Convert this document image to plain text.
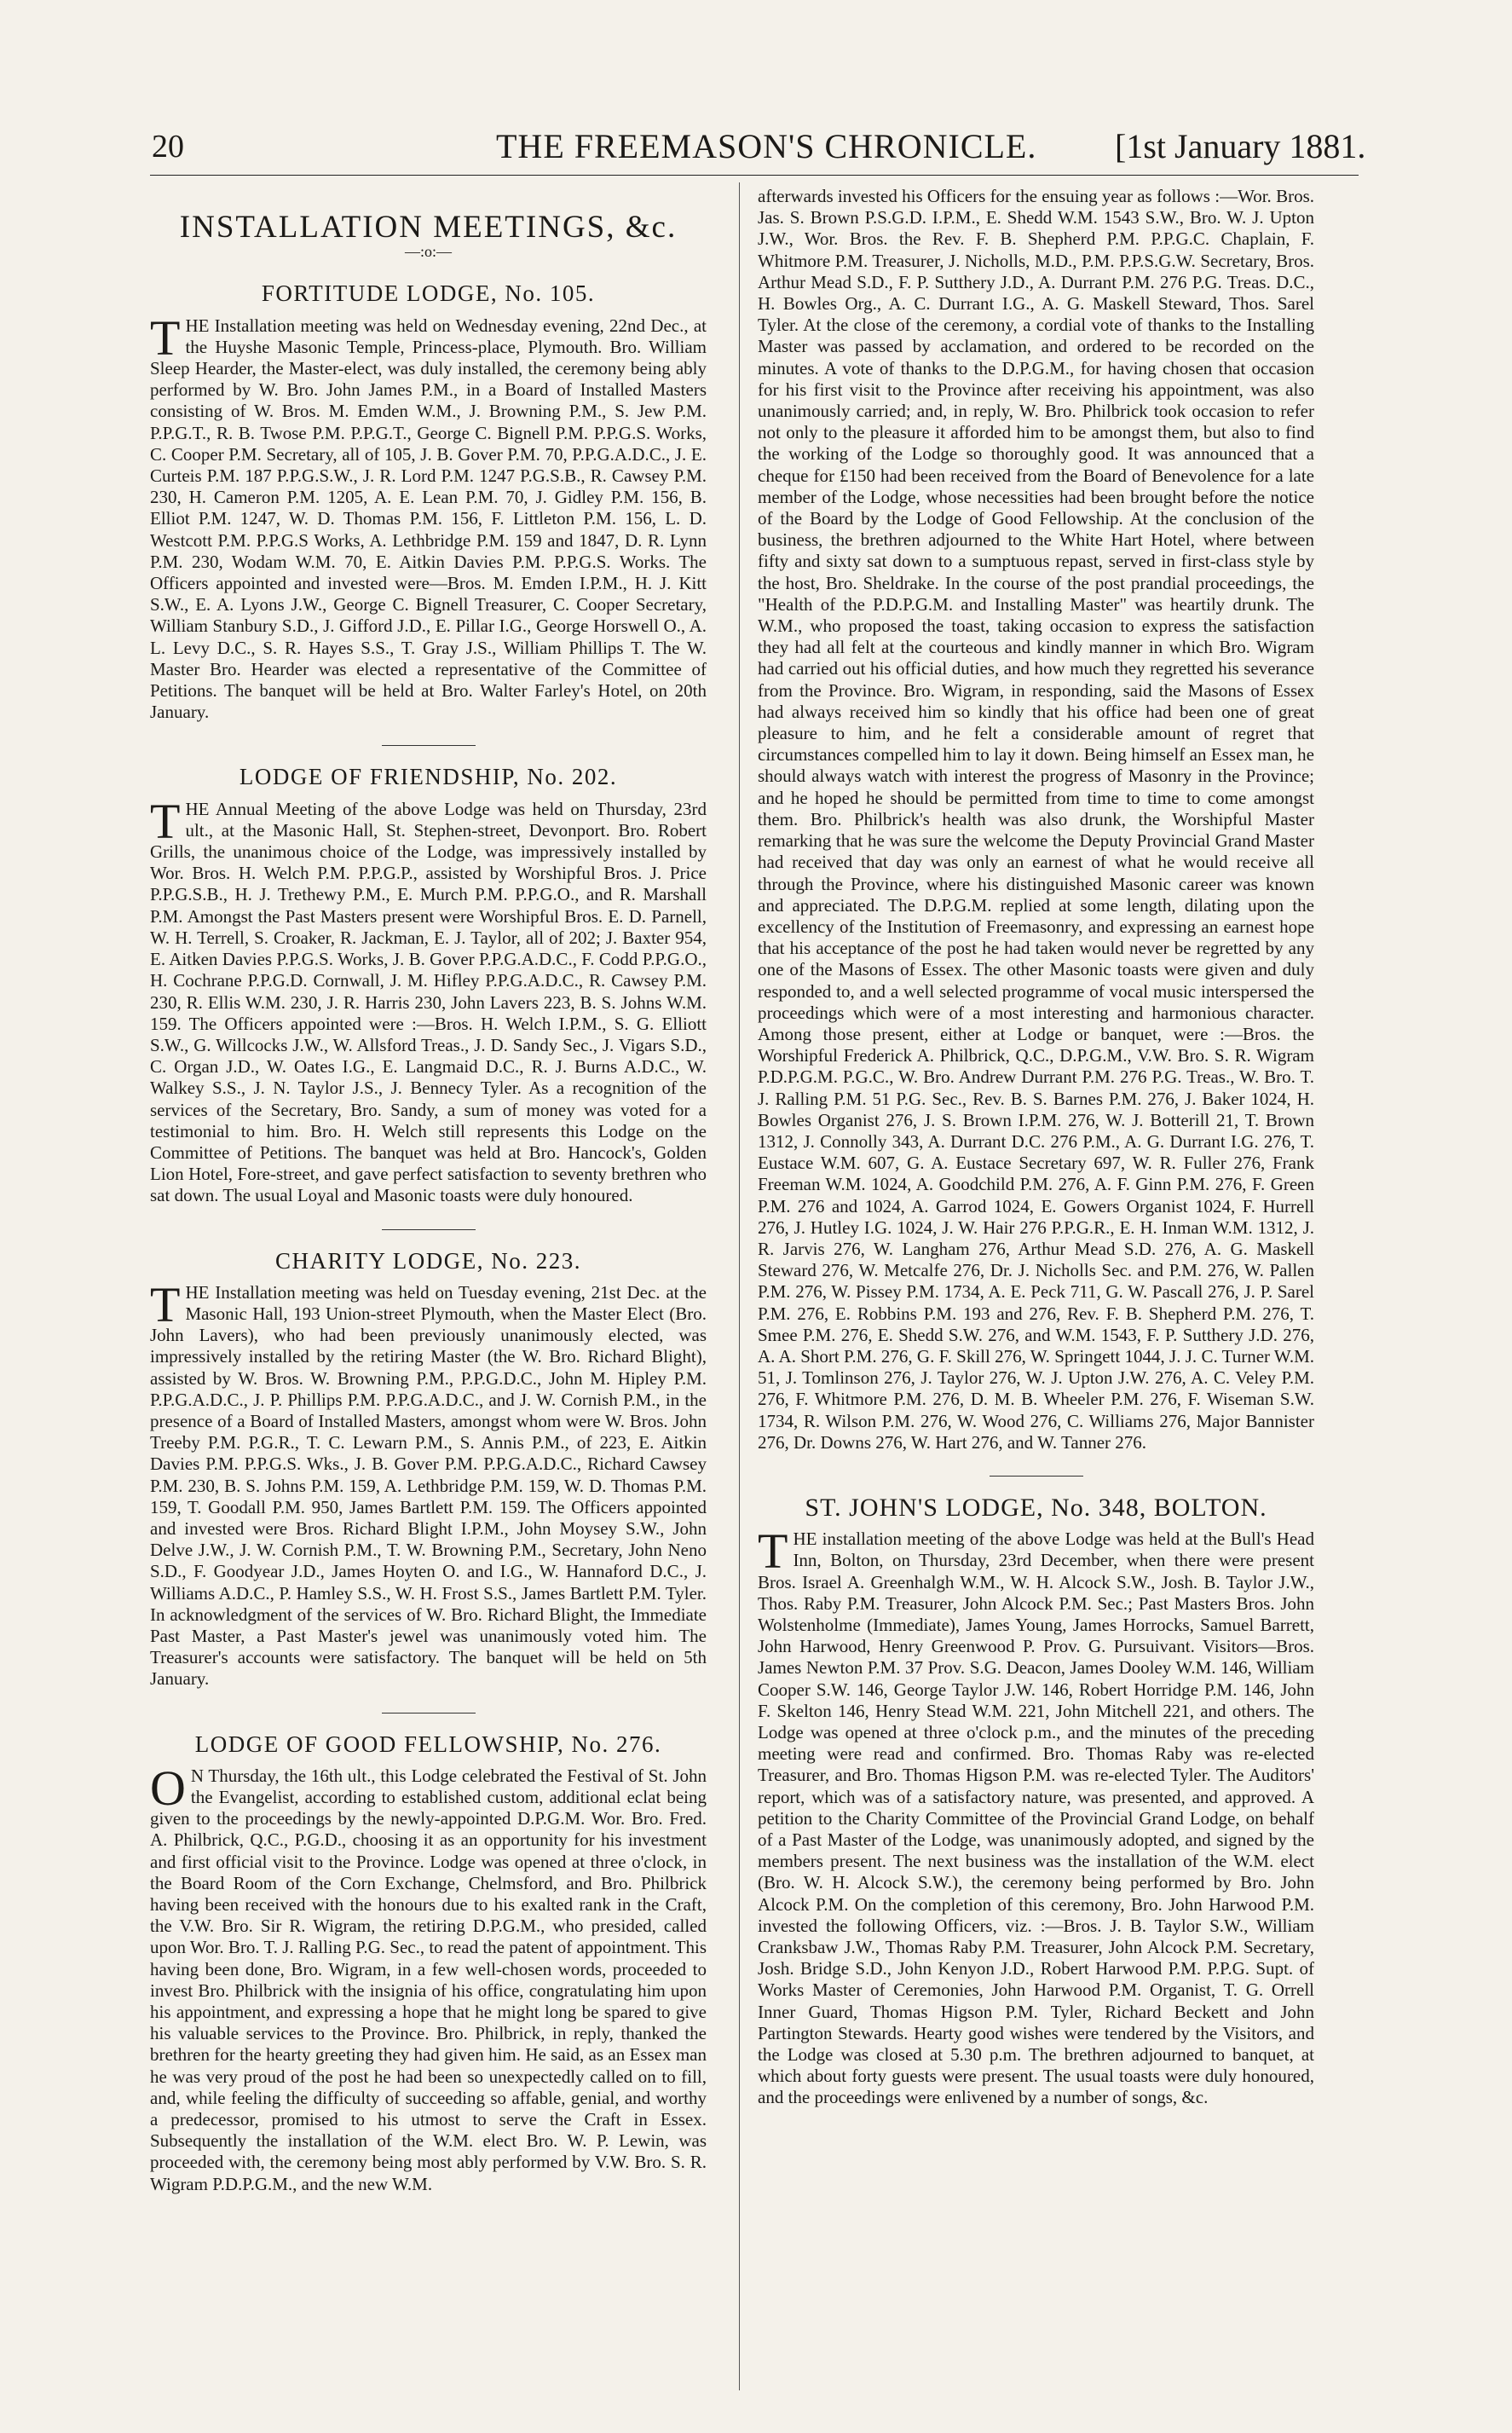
20	THE FREEMASON'S CHRONICLE. [1st January 1881.
INSTALLATION MEETINGS, &c.
—:o:—
FORTITUDE LODGE, No. 105.

THE Installation meeting was held on Wednesday evening, 22nd Dec., at the Huyshe Masonic Temple, Princess-place, Plymouth. Bro. William Sleep Hearder, the Master-elect, was duly installed, the ceremony being ably performed by W. Bro. John James P.M., in a Board of Installed Masters consisting of W. Bros. M. Emden W.M., J. Browning P.M., S. Jew P.M. P.P.G.T., R. B. Twose P.M. P.P.G.T., George C. Bignell P.M. P.P.G.S. Works, C. Cooper P.M. Secretary, all of 105, J. B. Gover P.M. 70, P.P.G.A.D.C., J. E. Curteis P.M. 187 P.P.G.S.W., J. R. Lord P.M. 1247 P.G.S.B., R. Cawsey P.M. 230, H. Cameron P.M. 1205, A. E. Lean P.M. 70, J. Gidley P.M. 156, B. Elliot P.M. 1247, W. D. Thomas P.M. 156, F. Littleton P.M. 156, L. D. Westcott P.M. P.P.G.S Works, A. Lethbridge P.M. 159 and 1847, D. R. Lynn P.M. 230, Wodam W.M. 70, E. Aitkin Davies P.M. P.P.G.S. Works. The Officers appointed and invested were—Bros. M. Emden I.P.M., H. J. Kitt S.W., E. A. Lyons J.W., George C. Bignell Treasurer, C. Cooper Secretary, William Stanbury S.D., J. Gifford J.D., E. Pillar I.G., George Horswell O., A. L. Levy D.C., S. R. Hayes S.S., T. Gray J.S., William Phillips T. The W. Master Bro. Hearder was elected a representative of the Committee of Petitions. The banquet will be held at Bro. Walter Farley's Hotel, on 20th January.

LODGE OF FRIENDSHIP, No. 202.

THE Annual Meeting of the above Lodge was held on Thursday, 23rd ult., at the Masonic Hall, St. Stephen-street, Devonport. Bro. Robert Grills, the unanimous choice of the Lodge, was impressively installed by Wor. Bros. H. Welch P.M. P.P.G.P., assisted by Worshipful Bros. J. Price P.P.G.S.B., H. J. Trethewy P.M., E. Murch P.M. P.P.G.O., and R. Marshall P.M. Amongst the Past Masters present were Worshipful Bros. E. D. Parnell, W. H. Terrell, S. Croaker, R. Jackman, E. J. Taylor, all of 202; J. Baxter 954, E. Aitken Davies P.P.G.S. Works, J. B. Gover P.P.G.A.D.C., F. Codd P.P.G.O., H. Cochrane P.P.G.D. Cornwall, J. M. Hifley P.P.G.A.D.C., R. Cawsey P.M. 230, R. Ellis W.M. 230, J. R. Harris 230, John Lavers 223, B. S. Johns W.M. 159. The Officers appointed were :—Bros. H. Welch I.P.M., S. G. Elliott S.W., G. Willcocks J.W., W. Allsford Treas., J. D. Sandy Sec., J. Vigars S.D., C. Organ J.D., W. Oates I.G., E. Langmaid D.C., R. J. Burns A.D.C., W. Walkey S.S., J. N. Taylor J.S., J. Bennecy Tyler. As a recognition of the services of the Secretary, Bro. Sandy, a sum of money was voted for a testimonial to him. Bro. H. Welch still represents this Lodge on the Committee of Petitions. The banquet was held at Bro. Hancock's, Golden Lion Hotel, Fore-street, and gave perfect satisfaction to seventy brethren who sat down. The usual Loyal and Masonic toasts were duly honoured.

CHARITY LODGE, No. 223.

THE Installation meeting was held on Tuesday evening, 21st Dec. at the Masonic Hall, 193 Union-street Plymouth, when the Master Elect (Bro. John Lavers), who had been previously unanimously elected, was impressively installed by the retiring Master (the W. Bro. Richard Blight), assisted by W. Bros. W. Browning P.M., P.P.G.D.C., John M. Hipley P.M. P.P.G.A.D.C., J. P. Phillips P.M. P.P.G.A.D.C., and J. W. Cornish P.M., in the presence of a Board of Installed Masters, amongst whom were W. Bros. John Treeby P.M. P.G.R., T. C. Lewarn P.M., S. Annis P.M., of 223, E. Aitkin Davies P.M. P.P.G.S. Wks., J. B. Gover P.M. P.P.G.A.D.C., Richard Cawsey P.M. 230, B. S. Johns P.M. 159, A. Lethbridge P.M. 159, W. D. Thomas P.M. 159, T. Goodall P.M. 950, James Bartlett P.M. 159. The Officers appointed and invested were Bros. Richard Blight I.P.M., John Moysey S.W., John Delve J.W., J. W. Cornish P.M., T. W. Browning P.M., Secretary, John Neno S.D., F. Goodyear J.D., James Hoyten O. and I.G., W. Hannaford D.C., J. Williams A.D.C., P. Hamley S.S., W. H. Frost S.S., James Bartlett P.M. Tyler. In acknowledgment of the services of W. Bro. Richard Blight, the Immediate Past Master, a Past Master's jewel was unanimously voted him. The Treasurer's accounts were satisfactory. The banquet will be held on 5th January.

LODGE OF GOOD FELLOWSHIP, No. 276.

O N Thursday, the 16th ult., this Lodge celebrated the Festival of St. John the Evangelist, according to established custom, additional eclat being given to the proceedings by the newly-appointed D.P.G.M. Wor. Bro. Fred. A. Philbrick, Q.C., P.G.D., choosing it as an opportunity for his investment and first official visit to the Province. Lodge was opened at three o'clock, in the Board Room of the Corn Exchange, Chelmsford, and Bro. Philbrick having been received with the honours due to his exalted rank in the Craft, the V.W. Bro. Sir R. Wigram, the retiring D.P.G.M., who presided, called upon Wor. Bro. T. J. Ralling P.G. Sec., to read the patent of appointment. This having been done, Bro. Wigram, in a few well-chosen words, proceeded to invest Bro. Philbrick with the insignia of his office, congratulating him upon his appointment, and expressing a hope that he might long be spared to give his valuable services to the Province. Bro. Philbrick, in reply, thanked the brethren for the hearty greeting they had given him. He said, as an Essex man he was very proud of the post he had been so unexpectedly called on to fill, and, while feeling the difficulty of succeeding so affable, genial, and worthy a predecessor, promised to his utmost to serve the Craft in Essex. Subsequently the installation of the W.M. elect Bro. W. P. Lewin, was proceeded with, the ceremony being most ably performed by V.W. Bro. S. R. Wigram P.D.P.G.M., and the new W.M.

afterwards invested his Officers for the ensuing year as follows :—Wor. Bros. Jas. S. Brown P.S.G.D. I.P.M., E. Shedd W.M. 1543 S.W., Bro. W. J. Upton J.W., Wor. Bros. the Rev. F. B. Shepherd P.M. P.P.G.C. Chaplain, F. Whitmore P.M. Treasurer, J. Nicholls, M.D., P.M. P.P.S.G.W. Secretary, Bros. Arthur Mead S.D., F. P. Sutthery J.D., A. Durrant P.M. 276 P.G. Treas. D.C., H. Bowles Org., A. C. Durrant I.G., A. G. Maskell Steward, Thos. Sarel Tyler. At the close of the ceremony, a cordial vote of thanks to the Installing Master was passed by acclamation, and ordered to be recorded on the minutes. A vote of thanks to the D.P.G.M., for having chosen that occasion for his first visit to the Province after receiving his appointment, was also unanimously carried; and, in reply, W. Bro. Philbrick took occasion to refer not only to the pleasure it afforded him to be amongst them, but also to find the working of the Lodge so thoroughly good. It was announced that a cheque for £150 had been received from the Board of Benevolence for a late member of the Lodge, whose necessities had been brought before the notice of the Board by the Lodge of Good Fellowship. At the conclusion of the business, the brethren adjourned to the White Hart Hotel, where between fifty and sixty sat down to a sumptuous repast, served in first-class style by the host, Bro. Sheldrake. In the course of the post prandial proceedings, the "Health of the P.D.P.G.M. and Installing Master" was heartily drunk. The W.M., who proposed the toast, taking occasion to express the satisfaction they had all felt at the courteous and kindly manner in which Bro. Wigram had carried out his official duties, and how much they regretted his severance from the Province. Bro. Wigram, in responding, said the Masons of Essex had always received him so kindly that his office had been one of great pleasure to him, and he felt a considerable amount of regret that circumstances compelled him to lay it down. Being himself an Essex man, he should always watch with interest the progress of Masonry in the Province; and he hoped he should be permitted from time to time to come amongst them. Bro. Philbrick's health was also drunk, the Worshipful Master remarking that he was sure the welcome the Deputy Provincial Grand Master had received that day was only an earnest of what he would receive all through the Province, where his distinguished Masonic career was known and appreciated. The D.P.G.M. replied at some length, dilating upon the excellency of the Institution of Freemasonry, and expressing an earnest hope that his acceptance of the post he had taken would never be regretted by any one of the Masons of Essex. The other Masonic toasts were given and duly responded to, and a well selected programme of vocal music interspersed the proceedings which were of a most interesting and harmonious character. Among those present, either at Lodge or banquet, were :—Bros. the Worshipful Frederick A. Philbrick, Q.C., D.P.G.M., V.W. Bro. S. R. Wigram P.D.P.G.M. P.G.C., W. Bro. Andrew Durrant P.M. 276 P.G. Treas., W. Bro. T. J. Ralling P.M. 51 P.G. Sec., Rev. B. S. Barnes P.M. 276, J. Baker 1024, H. Bowles Organist 276, J. S. Brown I.P.M. 276, W. J. Botterill 21, T. Brown 1312, J. Connolly 343, A. Durrant D.C. 276 P.M., A. G. Durrant I.G. 276, T. Eustace W.M. 607, G. A. Eustace Secretary 697, W. R. Fuller 276, Frank Freeman W.M. 1024, A. Goodchild P.M. 276, A. F. Ginn P.M. 276, F. Green P.M. 276 and 1024, A. Garrod 1024, E. Gowers Organist 1024, F. Hurrell 276, J. Hutley I.G. 1024, J. W. Hair 276 P.P.G.R., E. H. Inman W.M. 1312, J. R. Jarvis 276, W. Langham 276, Arthur Mead S.D. 276, A. G. Maskell Steward 276, W. Metcalfe 276, Dr. J. Nicholls Sec. and P.M. 276, W. Pallen P.M. 276, W. Pissey P.M. 1734, A. E. Peck 711, G. W. Pascall 276, J. P. Sarel P.M. 276, E. Robbins P.M. 193 and 276, Rev. F. B. Shepherd P.M. 276, T. Smee P.M. 276, E. Shedd S.W. 276, and W.M. 1543, F. P. Sutthery J.D. 276, A. A. Short P.M. 276, G. F. Skill 276, W. Springett 1044, J. J. C. Turner W.M. 51, J. Tomlinson 276, J. Taylor 276, W. J. Upton J.W. 276, A. C. Veley P.M. 276, F. Whitmore P.M. 276, D. M. B. Wheeler P.M. 276, F. Wiseman S.W. 1734, R. Wilson P.M. 276, W. Wood 276, C. Williams 276, Major Bannister 276, Dr. Downs 276, W. Hart 276, and W. Tanner 276.

ST. JOHN'S LODGE, No. 348, BOLTON.

THE installation meeting of the above Lodge was held at the Bull's Head Inn, Bolton, on Thursday, 23rd December, when there were present Bros. Israel A. Greenhalgh W.M., W. H. Alcock S.W., Josh. B. Taylor J.W., Thos. Raby P.M. Treasurer, John Alcock P.M. Sec.; Past Masters Bros. John Wolstenholme (Immediate), James Young, James Horrocks, Samuel Barrett, John Harwood, Henry Greenwood P. Prov. G. Pursuivant. Visitors—Bros. James Newton P.M. 37 Prov. S.G. Deacon, James Dooley W.M. 146, William Cooper S.W. 146, George Taylor J.W. 146, Robert Horridge P.M. 146, John F. Skelton 146, Henry Stead W.M. 221, John Mitchell 221, and others. The Lodge was opened at three o'clock p.m., and the minutes of the preceding meeting were read and confirmed. Bro. Thomas Raby was re-elected Treasurer, and Bro. Thomas Higson P.M. was re-elected Tyler. The Auditors' report, which was of a satisfactory nature, was presented, and approved. A petition to the Charity Committee of the Provincial Grand Lodge, on behalf of a Past Master of the Lodge, was unanimously adopted, and signed by the members present. The next business was the installation of the W.M. elect (Bro. W. H. Alcock S.W.), the ceremony being performed by Bro. John Alcock P.M. On the completion of this ceremony, Bro. John Harwood P.M. invested the following Officers, viz. :—Bros. J. B. Taylor S.W., William Cranksbaw J.W., Thomas Raby P.M. Treasurer, John Alcock P.M. Secretary, Josh. Bridge S.D., John Kenyon J.D., Robert Harwood P.M. P.P.G. Supt. of Works Master of Ceremonies, John Harwood P.M. Organist, T. G. Orrell Inner Guard, Thomas Higson P.M. Tyler, Richard Beckett and John Partington Stewards. Hearty good wishes were tendered by the Visitors, and the Lodge was closed at 5.30 p.m. The brethren adjourned to banquet, at which about forty guests were present. The usual toasts were duly honoured, and the proceedings were enlivened by a number of songs, &c.
